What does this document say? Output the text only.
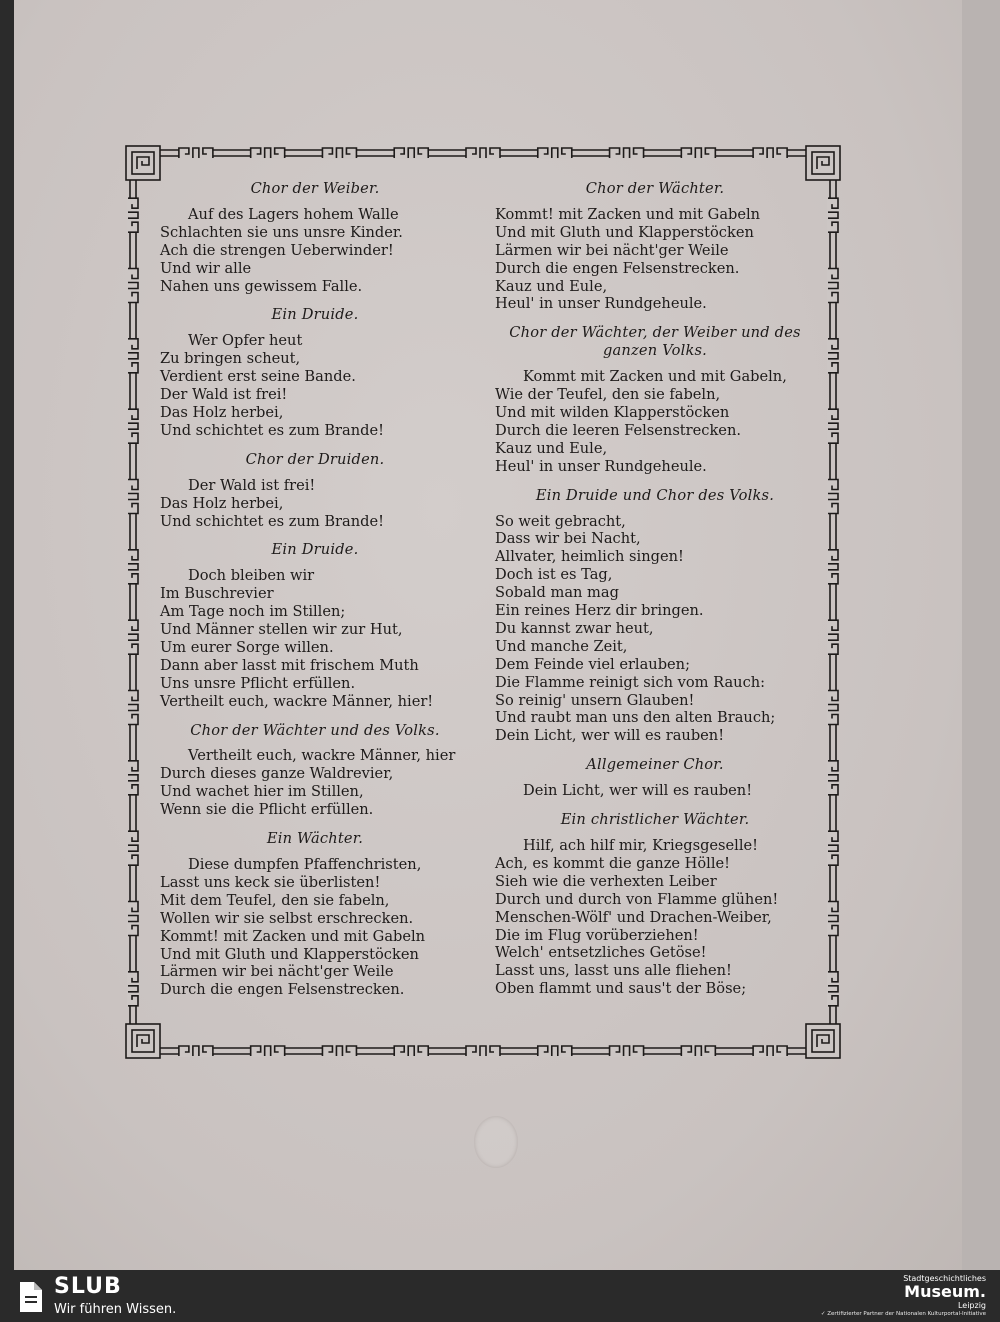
Chor der Weiber.
Auf des Lagers hohem Walle
Schlachten sie uns unsre Kinder.
Ach die strengen Ueberwinder!
Und wir alle
Nahen uns gewissem Falle.
Ein Druide.
Wer Opfer heut
Zu bringen scheut,
Verdient erst seine Bande.
Der Wald ist frei!
Das Holz herbei,
Und schichtet es zum Brande!
Chor der Druiden.
Der Wald ist frei!
Das Holz herbei,
Und schichtet es zum Brande!
Ein Druide.
Doch bleiben wir
Im Buschrevier
Am Tage noch im Stillen;
Und Männer stellen wir zur Hut,
Um eurer Sorge willen.
Dann aber lasst mit frischem Muth
Uns unsre Pflicht erfüllen.
Vertheilt euch, wackre Männer, hier!
Chor der Wächter und des Volks.
Vertheilt euch, wackre Männer, hier
Durch dieses ganze Waldrevier,
Und wachet hier im Stillen,
Wenn sie die Pflicht erfüllen.
Ein Wächter.
Diese dumpfen Pfaffenchristen,
Lasst uns keck sie überlisten!
Mit dem Teufel, den sie fabeln,
Wollen wir sie selbst erschrecken.
Kommt! mit Zacken und mit Gabeln
Und mit Gluth und Klapperstöcken
Lärmen wir bei nächt'ger Weile
Durch die engen Felsenstrecken.
Chor der Wächter.
Kommt! mit Zacken und mit Gabeln
Und mit Gluth und Klapperstöcken
Lärmen wir bei nächt'ger Weile
Durch die engen Felsenstrecken.
Kauz und Eule,
Heul' in unser Rundgeheule.
Chor der Wächter, der Weiber und des ganzen Volks.
Kommt mit Zacken und mit Gabeln,
Wie der Teufel, den sie fabeln,
Und mit wilden Klapperstöcken
Durch die leeren Felsenstrecken.
Kauz und Eule,
Heul' in unser Rundgeheule.
Ein Druide und Chor des Volks.
So weit gebracht,
Dass wir bei Nacht,
Allvater, heimlich singen!
Doch ist es Tag,
Sobald man mag
Ein reines Herz dir bringen.
Du kannst zwar heut,
Und manche Zeit,
Dem Feinde viel erlauben;
Die Flamme reinigt sich vom Rauch:
So reinig' unsern Glauben!
Und raubt man uns den alten Brauch;
Dein Licht, wer will es rauben!
Allgemeiner Chor.
Dein Licht, wer will es rauben!
Ein christlicher Wächter.
Hilf, ach hilf mir, Kriegsgeselle!
Ach, es kommt die ganze Hölle!
Sieh wie die verhexten Leiber
Durch und durch von Flamme glühen!
Menschen-Wölf' und Drachen-Weiber,
Die im Flug vorüberziehen!
Welch' entsetzliches Getöse!
Lasst uns, lasst uns alle fliehen!
Oben flammt und saus't der Böse;
SLUB
Wir führen Wissen.
Stadtgeschichtliches
Museum.
Leipzig
✓ Zertifizierter Partner der Nationalen Kulturportal-Initiative
